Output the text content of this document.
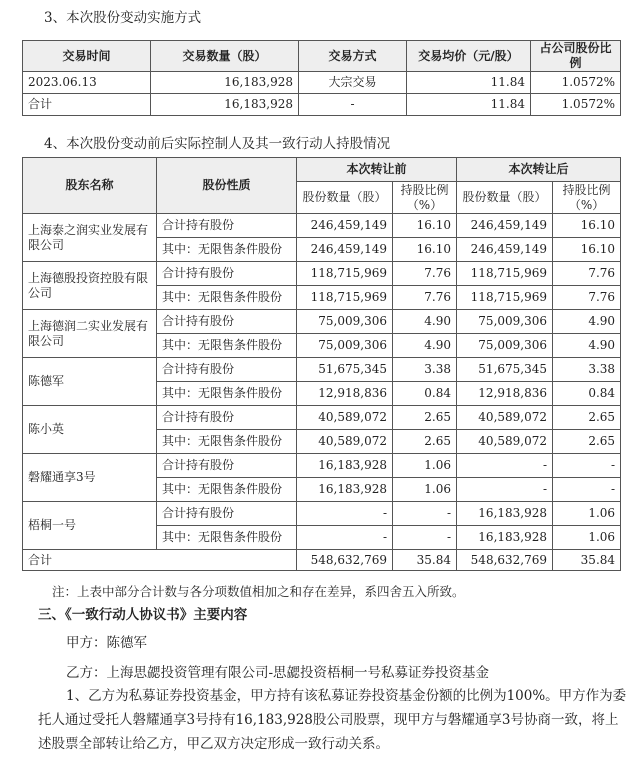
3、本次股份变动实施方式
交易时间	交易数量（股）	交易方式	交易均价（元/股）	占公司股份比例
2023.06.13	16,183,928	大宗交易	11.84	1.0572%
合计	16,183,928	-	11.84	1.0572%
4、本次股份变动前后实际控制人及其一致行动人持股情况
股东名称	股份性质	本次转让前		本次转让后	
		股份数量（股）	持股比例（%）	股份数量（股）	持股比例（%）
上海泰之润实业发展有限公司	合计持有股份	246,459,149	16.10	246,459,149	16.10
	其中：无限售条件股份	246,459,149	16.10	246,459,149	16.10
上海德殷投资控股有限公司	合计持有股份	118,715,969	7.76	118,715,969	7.76
	其中：无限售条件股份	118,715,969	7.76	118,715,969	7.76
上海德润二实业发展有限公司	合计持有股份	75,009,306	4.90	75,009,306	4.90
	其中：无限售条件股份	75,009,306	4.90	75,009,306	4.90
陈德军	合计持有股份	51,675,345	3.38	51,675,345	3.38
	其中：无限售条件股份	12,918,836	0.84	12,918,836	0.84
陈小英	合计持有股份	40,589,072	2.65	40,589,072	2.65
	其中：无限售条件股份	40,589,072	2.65	40,589,072	2.65
磐耀通享3号	合计持有股份	16,183,928	1.06	-	-
	其中：无限售条件股份	16,183,928	1.06	-	-
梧桐一号	合计持有股份	-	-	16,183,928	1.06
	其中：无限售条件股份	-	-	16,183,928	1.06
合计		548,632,769	35.84	548,632,769	35.84
注：上表中部分合计数与各分项数值相加之和存在差异，系四舍五入所致。
三、《一致行动人协议书》主要内容
甲方：陈德军
乙方：上海思勰投资管理有限公司-思勰投资梧桐一号私募证券投资基金
1、乙方为私募证券投资基金，甲方持有该私募证券投资基金份额的比例为100%。甲方作为委托人通过受托人磐耀通享3号持有16,183,928股公司股票，现甲方与磐耀通享3号协商一致，将上述股票全部转让给乙方，甲乙双方决定形成一致行动关系。
